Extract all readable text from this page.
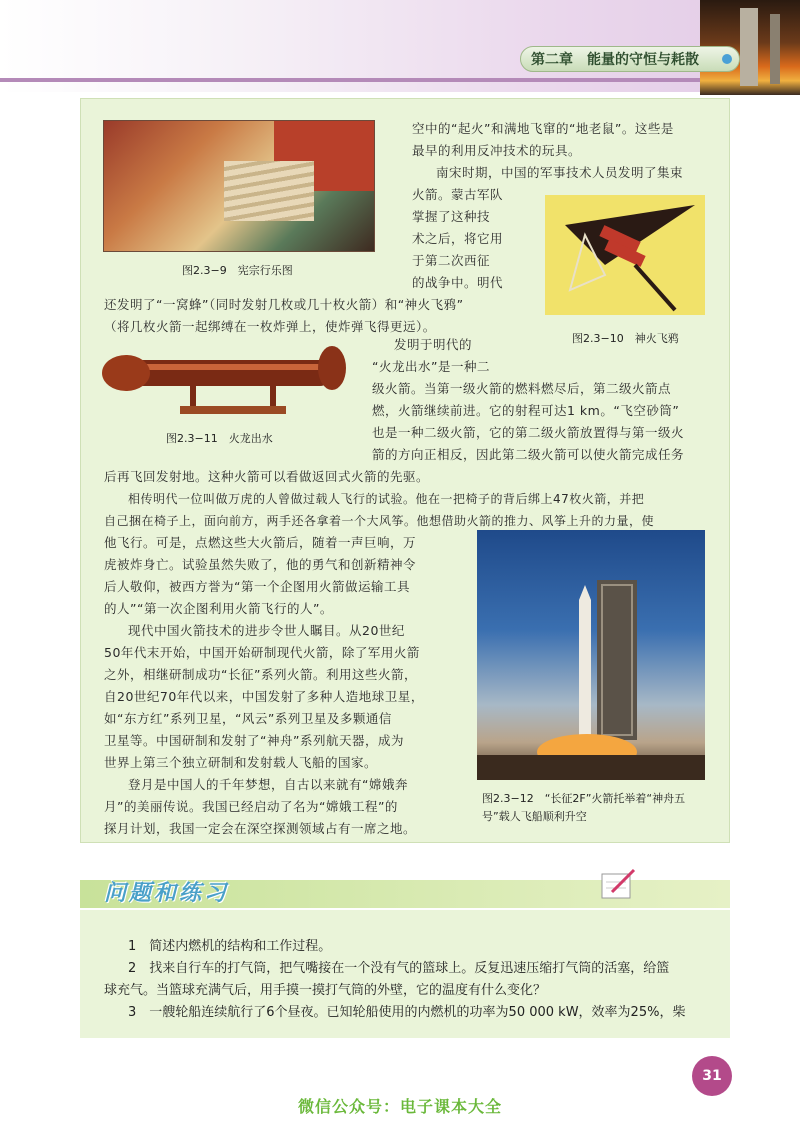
第二章　能量的守恒与耗散
图2.3−9　宪宗行乐图
图2.3−10　神火飞鸦
图2.3−11　火龙出水
图2.3−12　“长征2F”火箭托举着“神舟五
号”载人飞船顺利升空
空中的“起火”和满地飞窜的“地老鼠”。这些是
最早的利用反冲技术的玩具。
南宋时期，中国的军事技术人员发明了集束
火箭。蒙古军队
掌握了这种技
术之后，将它用
于第二次西征
的战争中。明代
还发明了“一窝蜂”（同时发射几枚或几十枚火箭）和“神火飞鸦”
（将几枚火箭一起绑缚在一枚炸弹上，使炸弹飞得更远）。
发明于明代的
“火龙出水”是一种二
级火箭。当第一级火箭的燃料燃尽后，第二级火箭点
燃，火箭继续前进。它的射程可达1 km。“飞空砂筒”
也是一种二级火箭，它的第二级火箭放置得与第一级火
箭的方向正相反，因此第二级火箭可以使火箭完成任务
后再飞回发射地。这种火箭可以看做返回式火箭的先驱。
相传明代一位叫做万虎的人曾做过载人飞行的试验。他在一把椅子的背后绑上47枚火箭，并把
自己捆在椅子上，面向前方，两手还各拿着一个大风筝。他想借助火箭的推力、风筝上升的力量，使
他飞行。可是，点燃这些大火箭后，随着一声巨响，万
虎被炸身亡。试验虽然失败了，他的勇气和创新精神令
后人敬仰，被西方誉为“第一个企图用火箭做运输工具
的人”“第一次企图利用火箭飞行的人”。
现代中国火箭技术的进步令世人瞩目。从20世纪
50年代末开始，中国开始研制现代火箭，除了军用火箭
之外，相继研制成功“长征”系列火箭。利用这些火箭，
自20世纪70年代以来，中国发射了多种人造地球卫星，
如“东方红”系列卫星，“风云”系列卫星及多颗通信
卫星等。中国研制和发射了“神舟”系列航天器，成为
世界上第三个独立研制和发射载人飞船的国家。
登月是中国人的千年梦想，自古以来就有“嫦娥奔
月”的美丽传说。我国已经启动了名为“嫦娥工程”的
探月计划，我国一定会在深空探测领域占有一席之地。
问题和练习
1　简述内燃机的结构和工作过程。
2　找来自行车的打气筒，把气嘴接在一个没有气的篮球上。反复迅速压缩打气筒的活塞，给篮
球充气。当篮球充满气后，用手摸一摸打气筒的外壁，它的温度有什么变化？
3　一艘轮船连续航行了6个昼夜。已知轮船使用的内燃机的功率为50 000 kW，效率为25%，柴
31
微信公众号：电子课本大全
